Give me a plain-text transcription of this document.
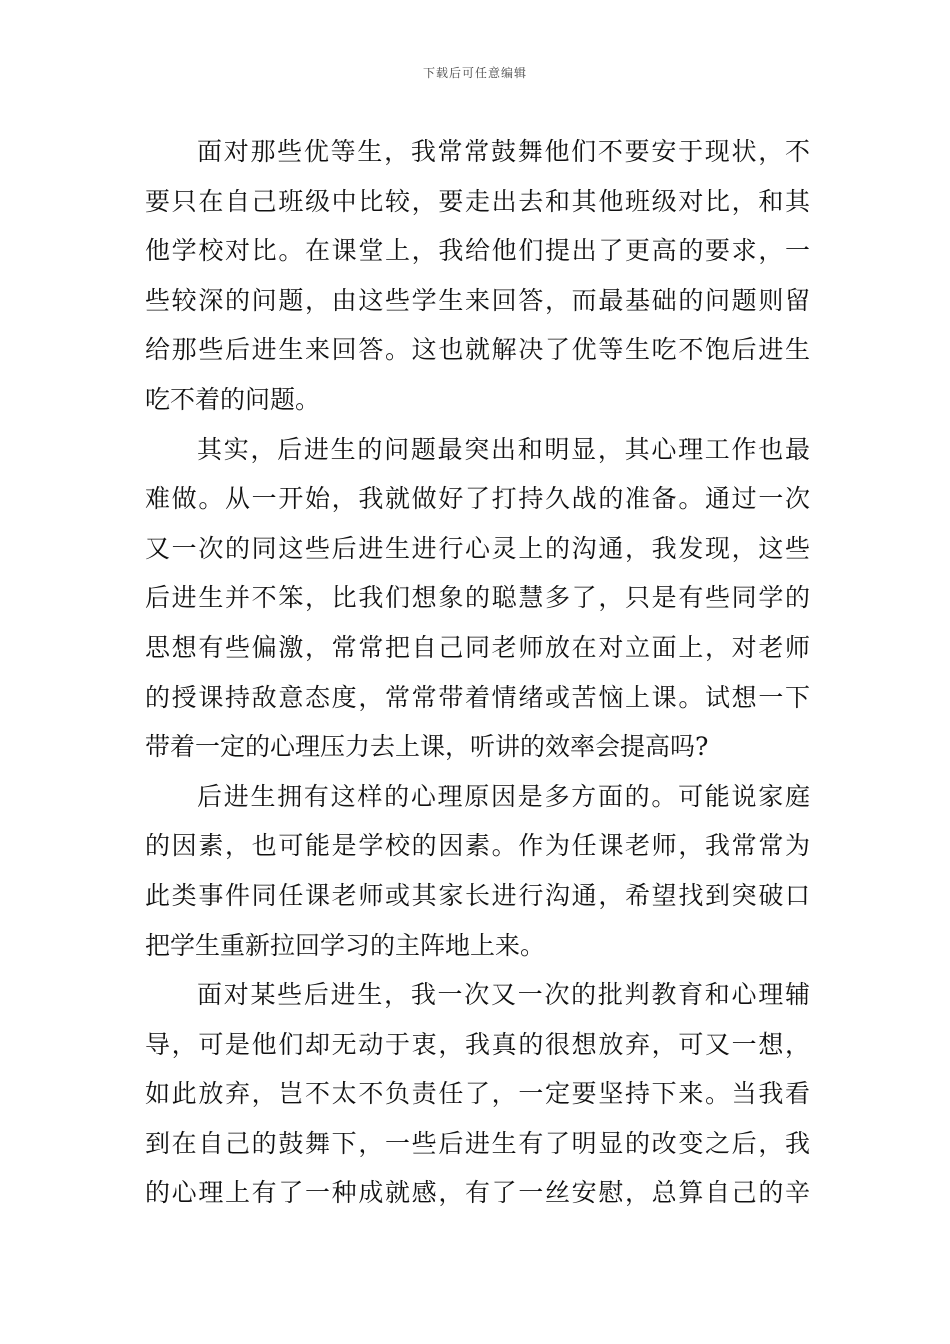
下载后可任意编辑
面对那些优等生，我常常鼓舞他们不要安于现状，不
要只在自己班级中比较，要走出去和其他班级对比，和其
他学校对比。在课堂上，我给他们提出了更高的要求，一
些较深的问题，由这些学生来回答，而最基础的问题则留
给那些后进生来回答。这也就解决了优等生吃不饱后进生
吃不着的问题。
其实，后进生的问题最突出和明显，其心理工作也最
难做。从一开始，我就做好了打持久战的准备。通过一次
又一次的同这些后进生进行心灵上的沟通，我发现，这些
后进生并不笨，比我们想象的聪慧多了，只是有些同学的
思想有些偏激，常常把自己同老师放在对立面上，对老师
的授课持敌意态度，常常带着情绪或苦恼上课。试想一下
带着一定的心理压力去上课，听讲的效率会提高吗?
后进生拥有这样的心理原因是多方面的。可能说家庭
的因素，也可能是学校的因素。作为任课老师，我常常为
此类事件同任课老师或其家长进行沟通，希望找到突破口
把学生重新拉回学习的主阵地上来。
面对某些后进生，我一次又一次的批判教育和心理辅
导，可是他们却无动于衷，我真的很想放弃，可又一想，
如此放弃，岂不太不负责任了，一定要坚持下来。当我看
到在自己的鼓舞下，一些后进生有了明显的改变之后，我
的心理上有了一种成就感，有了一丝安慰，总算自己的辛
